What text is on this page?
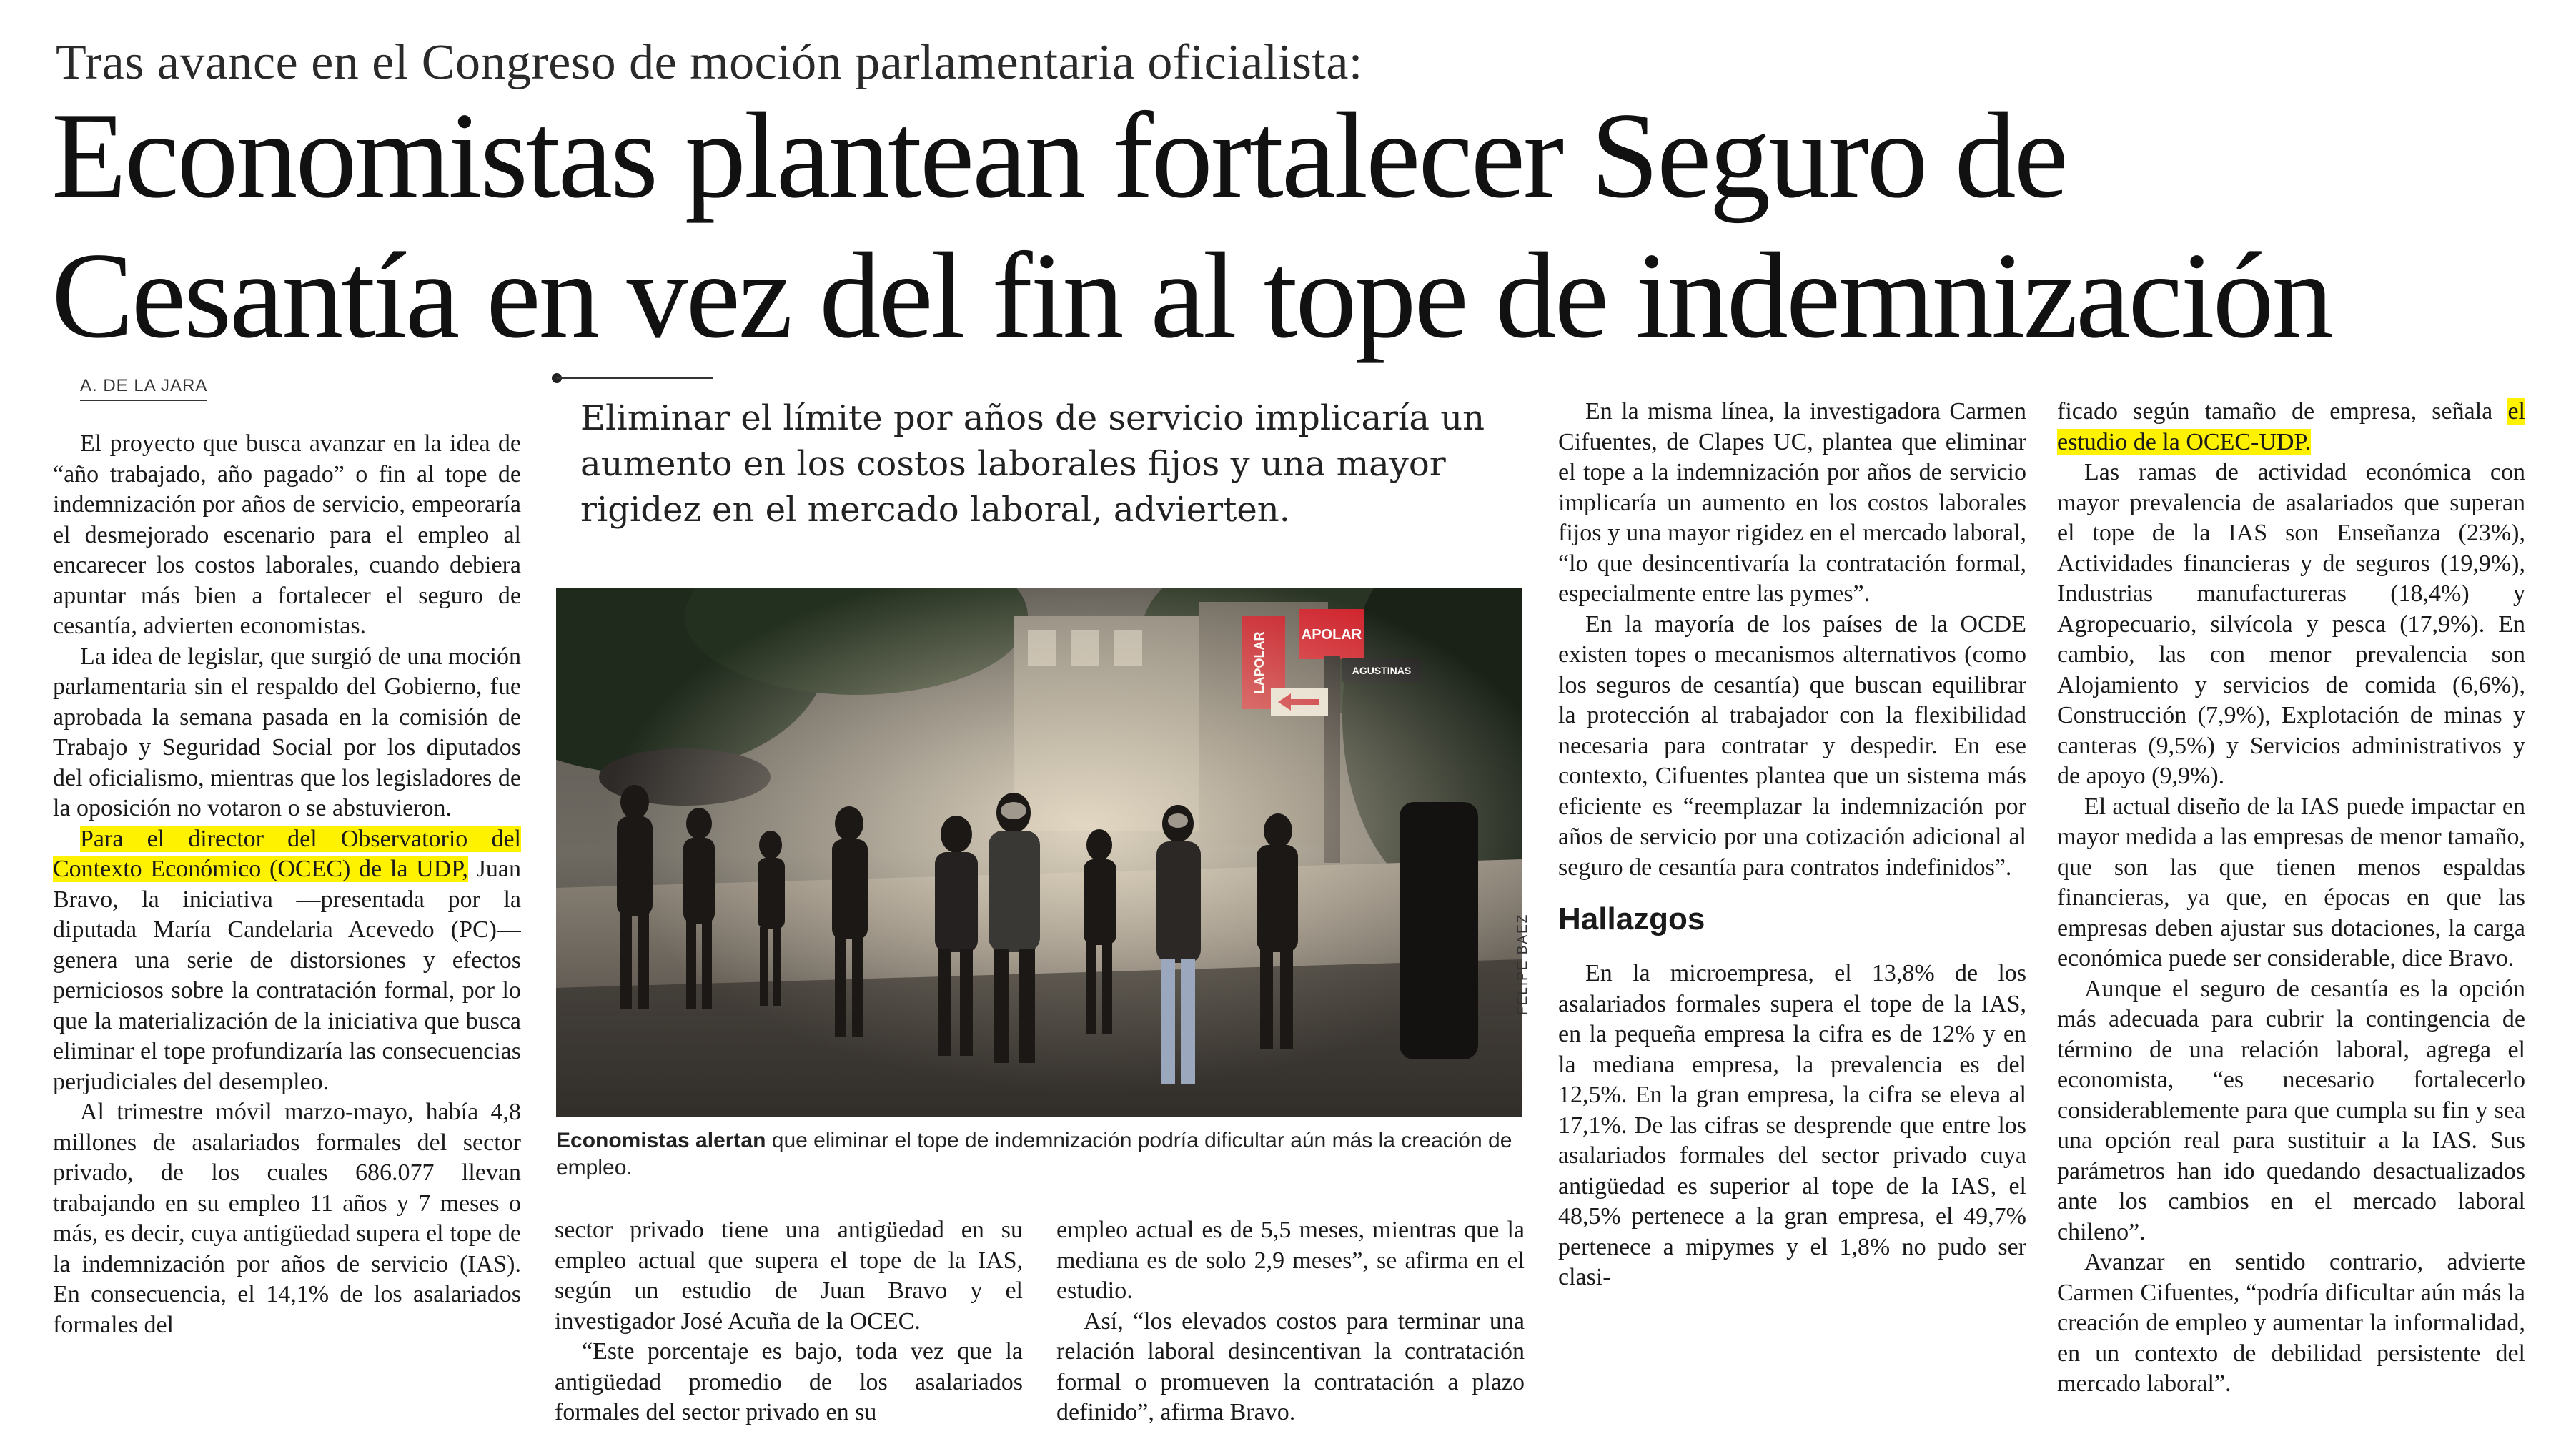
Tras avance en el Congreso de moción parlamentaria oficialista:
Economistas plantean fortalecer Seguro de
Cesantía en vez del fin al tope de indemnización
A. DE LA JARA

El proyecto que busca avanzar en la idea de “año trabajado, año pagado” o fin al tope de indemnización por años de servicio, empeoraría el desmejorado escenario para el empleo al encarecer los costos laborales, cuando debiera apuntar más bien a fortalecer el seguro de cesantía, advierten economistas.

La idea de legislar, que surgió de una moción parlamentaria sin el respaldo del Gobierno, fue aprobada la semana pasada en la comisión de Trabajo y Seguridad Social por los diputados del oficialismo, mientras que los legisladores de la oposición no votaron o se abstuvieron.

Para el director del Observatorio del Contexto Económico (OCEC) de la UDP, Juan Bravo, la iniciativa —presentada por la diputada María Candelaria Acevedo (PC)— genera una serie de distorsiones y efectos perniciosos sobre la contratación formal, por lo que la materialización de la iniciativa que busca eliminar el tope profundizaría las consecuencias perjudiciales del desempleo.

Al trimestre móvil marzo-mayo, había 4,8 millones de asalariados formales del sector privado, de los cuales 686.077 llevan trabajando en su empleo 11 años y 7 meses o más, es decir, cuya antigüedad supera el tope de la indemnización por años de servicio (IAS). En consecuencia, el 14,1% de los asalariados formales del

Eliminar el límite por años de servicio implicaría un aumento en los costos laborales fijos y una mayor rigidez en el mercado laboral, advierten.
FELIPE BAEZ
Economistas alertan que eliminar el tope de indemnización podría dificultar aún más la creación de empleo.

sector privado tiene una antigüedad en su empleo actual que supera el tope de la IAS, según un estudio de Juan Bravo y el investigador José Acuña de la OCEC.

“Este porcentaje es bajo, toda vez que la antigüedad promedio de los asalariados formales del sector privado en su

empleo actual es de 5,5 meses, mientras que la mediana es de solo 2,9 meses”, se afirma en el estudio.

Así, “los elevados costos para terminar una relación laboral desincentivan la contratación formal o promueven la contratación a plazo definido”, afirma Bravo.

En la misma línea, la investigadora Carmen Cifuentes, de Clapes UC, plantea que eliminar el tope a la indemnización por años de servicio implicaría un aumento en los costos laborales fijos y una mayor rigidez en el mercado laboral, “lo que desincentivaría la contratación formal, especialmente entre las pymes”.

En la mayoría de los países de la OCDE existen topes o mecanismos alternativos (como los seguros de cesantía) que buscan equilibrar la protección al trabajador con la flexibilidad necesaria para contratar y despedir. En ese contexto, Cifuentes plantea que un sistema más eficiente es “reemplazar la indemnización por años de servicio por una cotización adicional al seguro de cesantía para contratos indefinidos”.

Hallazgos

En la microempresa, el 13,8% de los asalariados formales supera el tope de la IAS, en la pequeña empresa la cifra es de 12% y en la mediana empresa, la prevalencia es del 12,5%. En la gran empresa, la cifra se eleva al 17,1%. De las cifras se desprende que entre los asalariados formales del sector privado cuya antigüedad es superior al tope de la IAS, el 48,5% pertenece a la gran empresa, el 49,7% pertenece a mipymes y el 1,8% no pudo ser clasi-

ficado según tamaño de empresa, señala el estudio de la OCEC-UDP.

Las ramas de actividad económica con mayor prevalencia de asalariados que superan el tope de la IAS son Enseñanza (23%), Actividades financieras y de seguros (19,9%), Industrias manufactureras (18,4%) y Agropecuario, silvícola y pesca (17,9%). En cambio, las con menor prevalencia son Alojamiento y servicios de comida (6,6%), Construcción (7,9%), Explotación de minas y canteras (9,5%) y Servicios administrativos y de apoyo (9,9%).

El actual diseño de la IAS puede impactar en mayor medida a las empresas de menor tamaño, que son las que tienen menos espaldas financieras, ya que, en épocas en que las empresas deben ajustar sus dotaciones, la carga económica puede ser considerable, dice Bravo.

Aunque el seguro de cesantía es la opción más adecuada para cubrir la contingencia de término de una relación laboral, agrega el economista, “es necesario fortalecerlo considerablemente para que cumpla su fin y sea una opción real para sustituir a la IAS. Sus parámetros han ido quedando desactualizados ante los cambios en el mercado laboral chileno”.

Avanzar en sentido contrario, advierte Carmen Cifuentes, “podría dificultar aún más la creación de empleo y aumentar la informalidad, en un contexto de debilidad persistente del mercado laboral”.
